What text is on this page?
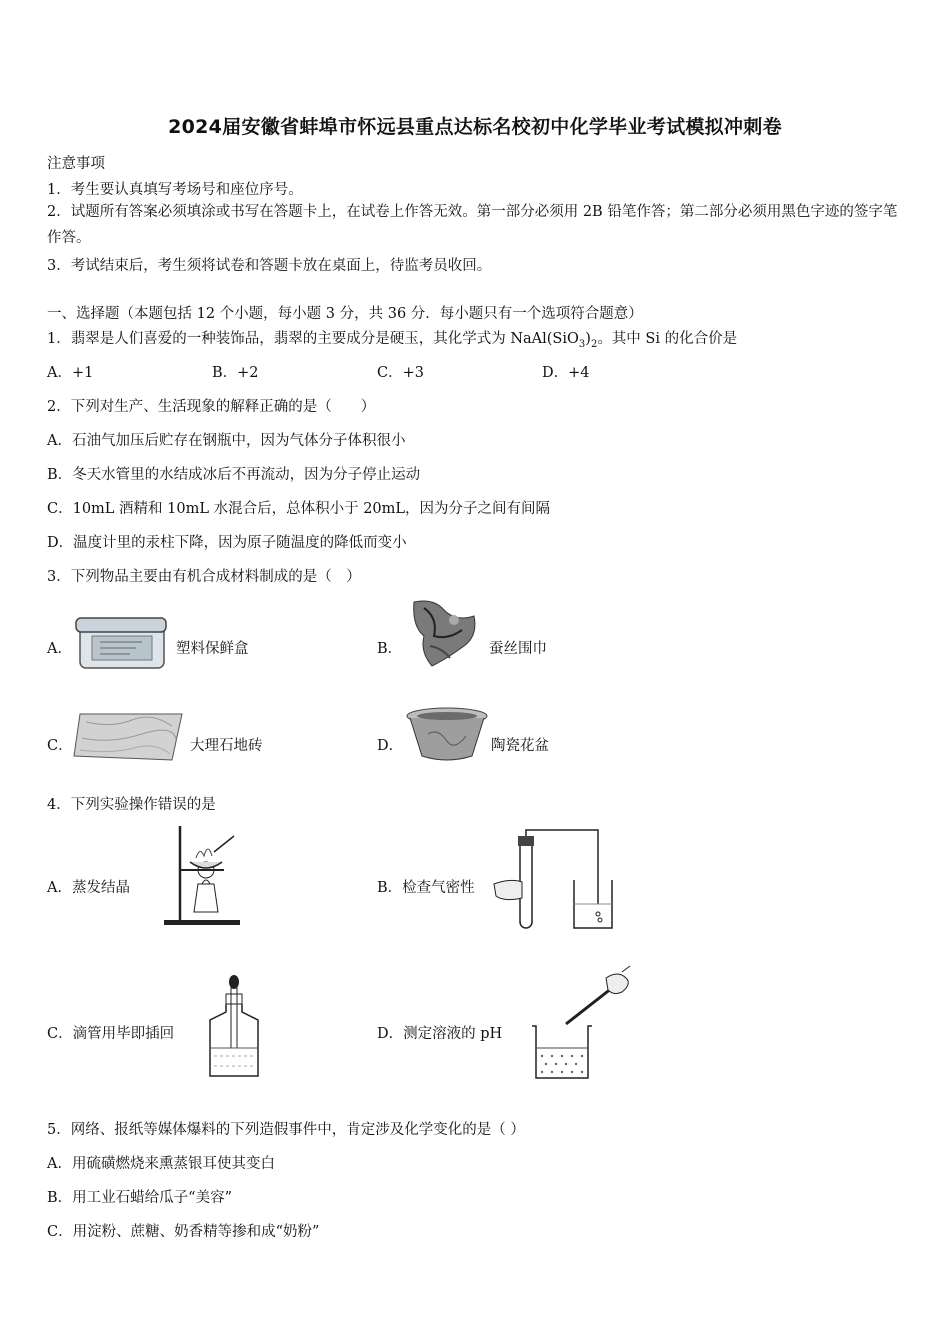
2024届安徽省蚌埠市怀远县重点达标名校初中化学毕业考试模拟冲刺卷
注意事项
1．考生要认真填写考场号和座位序号。
2．试题所有答案必须填涂或书写在答题卡上，在试卷上作答无效。第一部分必须用 2B 铅笔作答；第二部分必须用黑色字迹的签字笔作答。
3．考试结束后，考生须将试卷和答题卡放在桌面上，待监考员收回。
一、选择题（本题包括 12 个小题，每小题 3 分，共 36 分．每小题只有一个选项符合题意）
1．翡翠是人们喜爱的一种装饰品，翡翠的主要成分是硬玉，其化学式为 $NaAl(SiO_3)_2$。其中 Si 的化合价是
A．+1	B．+2	C．+3	D．+4
2．下列对生产、生活现象的解释正确的是（　　）
A．石油气加压后贮存在钢瓶中，因为气体分子体积很小
B．冬天水管里的水结成冰后不再流动，因为分子停止运动
C．10mL 酒精和 10mL 水混合后，总体积小于 20mL，因为分子之间有间隔
D．温度计里的汞柱下降，因为原子随温度的降低而变小
3．下列物品主要由有机合成材料制成的是（　）
A．	塑料保鲜盒	B．	蚕丝围巾
C．	大理石地砖	D．	陶瓷花盆
4．下列实验操作错误的是
A．蒸发结晶	B．检查气密性
C．滴管用毕即插回	D．测定溶液的 pH
5．网络、报纸等媒体爆料的下列造假事件中，肯定涉及化学变化的是（ ）
A．用硫磺燃烧来熏蒸银耳使其变白
B．用工业石蜡给瓜子“美容”
C．用淀粉、蔗糖、奶香精等掺和成“奶粉”
